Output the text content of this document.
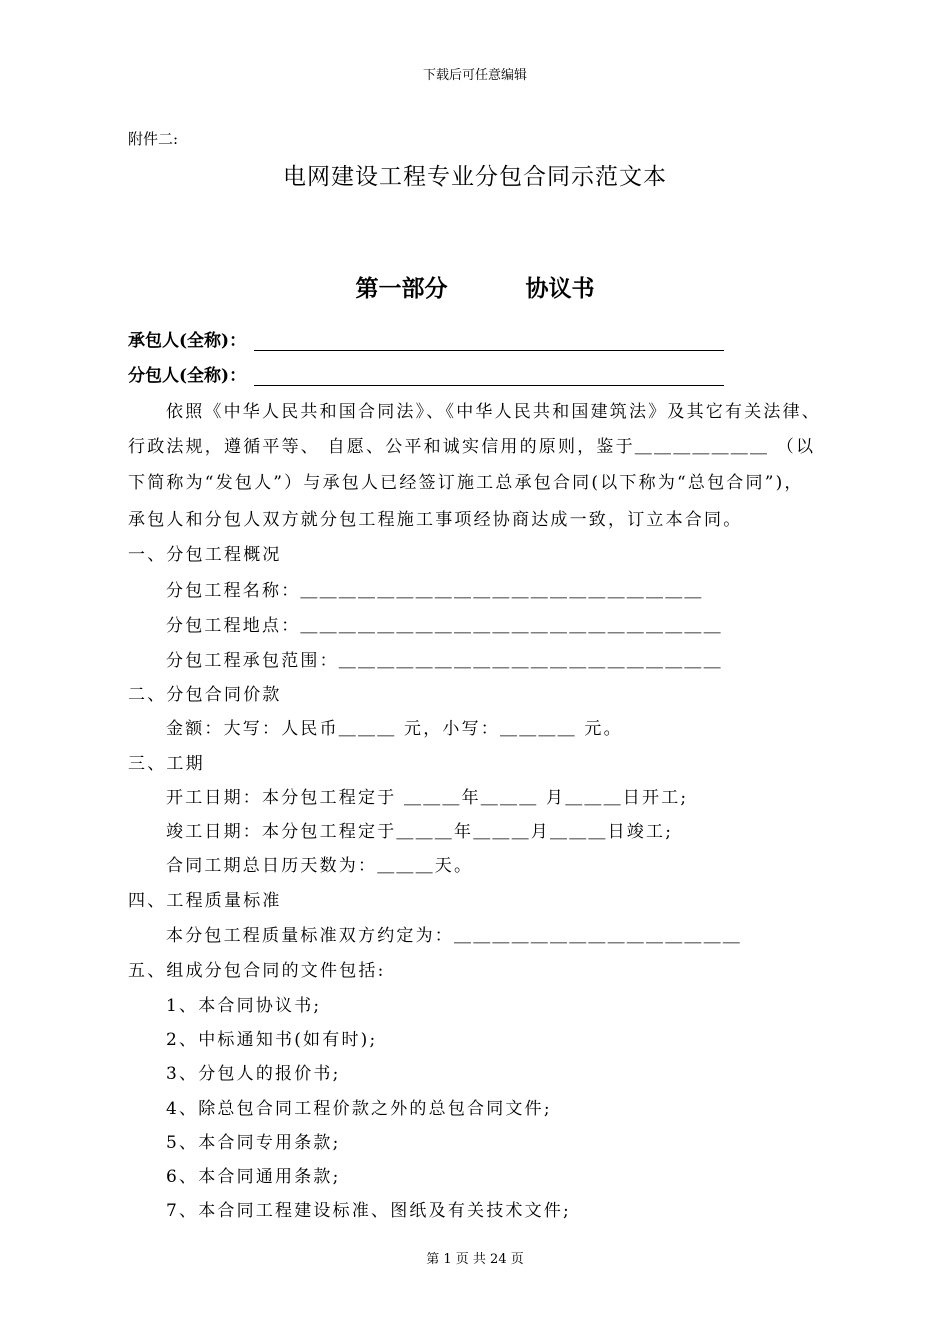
下载后可任意编辑
附件二:
电网建设工程专业分包合同示范文本
第一部分	协议书
承包人(全称)：
分包人(全称)：
依照《中华人民共和国合同法》、《中华人民共和国建筑法》及其它有关法律、
行政法规，遵循平等、 自愿、公平和诚实信用的原则，鉴于＿＿＿＿＿＿＿ （以
下简称为“发包人”）与承包人已经签订施工总承包合同(以下称为“总包合同”)，
承包人和分包人双方就分包工程施工事项经协商达成一致，订立本合同。
一、分包工程概况
分包工程名称：＿＿＿＿＿＿＿＿＿＿＿＿＿＿＿＿＿＿＿＿＿
分包工程地点：＿＿＿＿＿＿＿＿＿＿＿＿＿＿＿＿＿＿＿＿＿＿
分包工程承包范围：＿＿＿＿＿＿＿＿＿＿＿＿＿＿＿＿＿＿＿＿
二、分包合同价款
金额：大写：人民币＿＿＿ 元，小写：＿＿＿＿ 元。
三、工期
开工日期：本分包工程定于 ＿＿＿年＿＿＿ 月＿＿＿日开工;
竣工日期：本分包工程定于＿＿＿年＿＿＿月＿＿＿日竣工;
合同工期总日历天数为：＿＿＿天。
四、工程质量标准
本分包工程质量标准双方约定为：＿＿＿＿＿＿＿＿＿＿＿＿＿＿＿
五、组成分包合同的文件包括:
1、本合同协议书;
2、中标通知书(如有时);
3、分包人的报价书;
4、除总包合同工程价款之外的总包合同文件;
5、本合同专用条款;
6、本合同通用条款;
7、本合同工程建设标准、图纸及有关技术文件;
第 1 页 共 24 页
